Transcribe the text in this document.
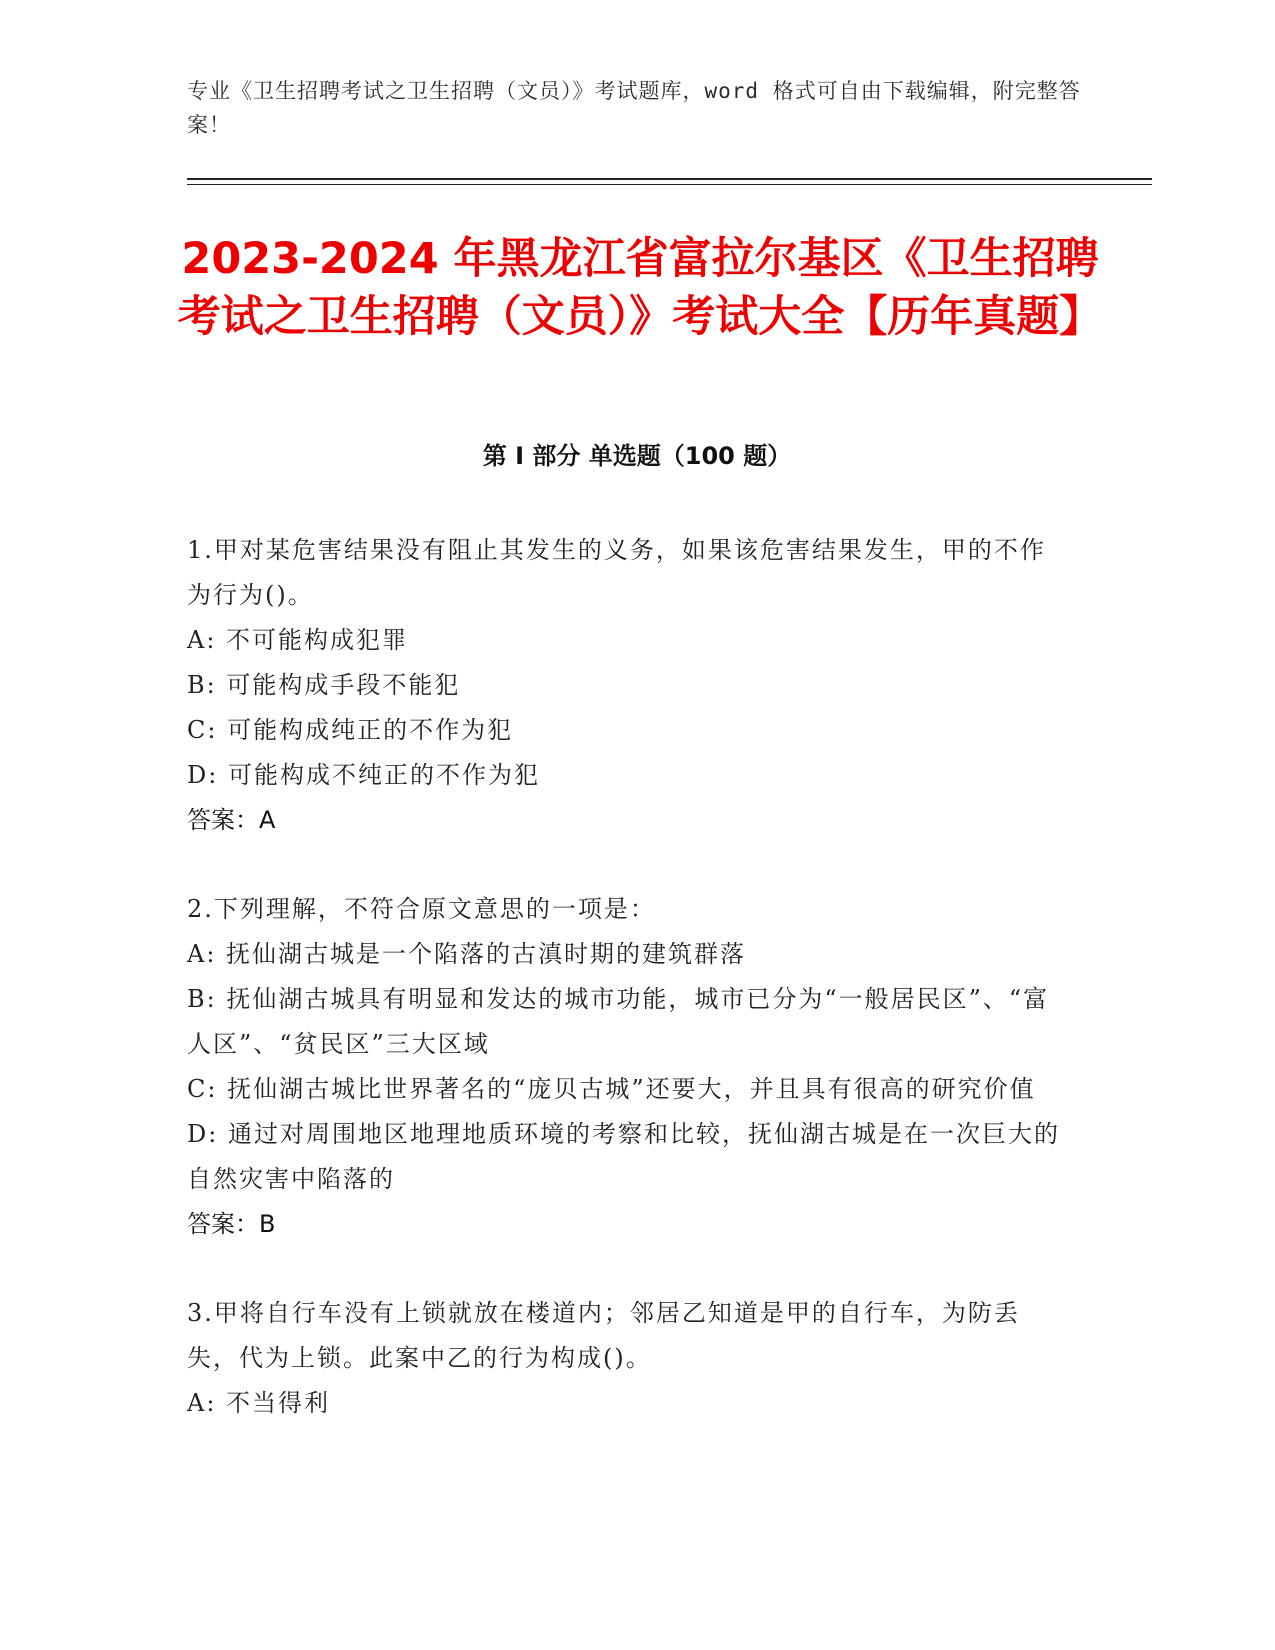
专业《卫生招聘考试之卫生招聘（文员）》考试题库，word 格式可自由下载编辑，附完整答案！
2023-2024 年黑龙江省富拉尔基区《卫生招聘考试之卫生招聘（文员）》考试大全【历年真题】
第 I 部分 单选题（100 题）

1.甲对某危害结果没有阻止其发生的义务，如果该危害结果发生，甲的不作为行为()。

A: 不可能构成犯罪

B: 可能构成手段不能犯

C: 可能构成纯正的不作为犯

D: 可能构成不纯正的不作为犯

答案：A

2.下列理解，不符合原文意思的一项是：

A: 抚仙湖古城是一个陷落的古滇时期的建筑群落

B: 抚仙湖古城具有明显和发达的城市功能，城市已分为“一般居民区”、“富人区”、“贫民区”三大区域

C: 抚仙湖古城比世界著名的“庞贝古城”还要大，并且具有很高的研究价值

D: 通过对周围地区地理地质环境的考察和比较，抚仙湖古城是在一次巨大的自然灾害中陷落的

答案：B

3.甲将自行车没有上锁就放在楼道内；邻居乙知道是甲的自行车，为防丢失，代为上锁。此案中乙的行为构成()。

A: 不当得利
